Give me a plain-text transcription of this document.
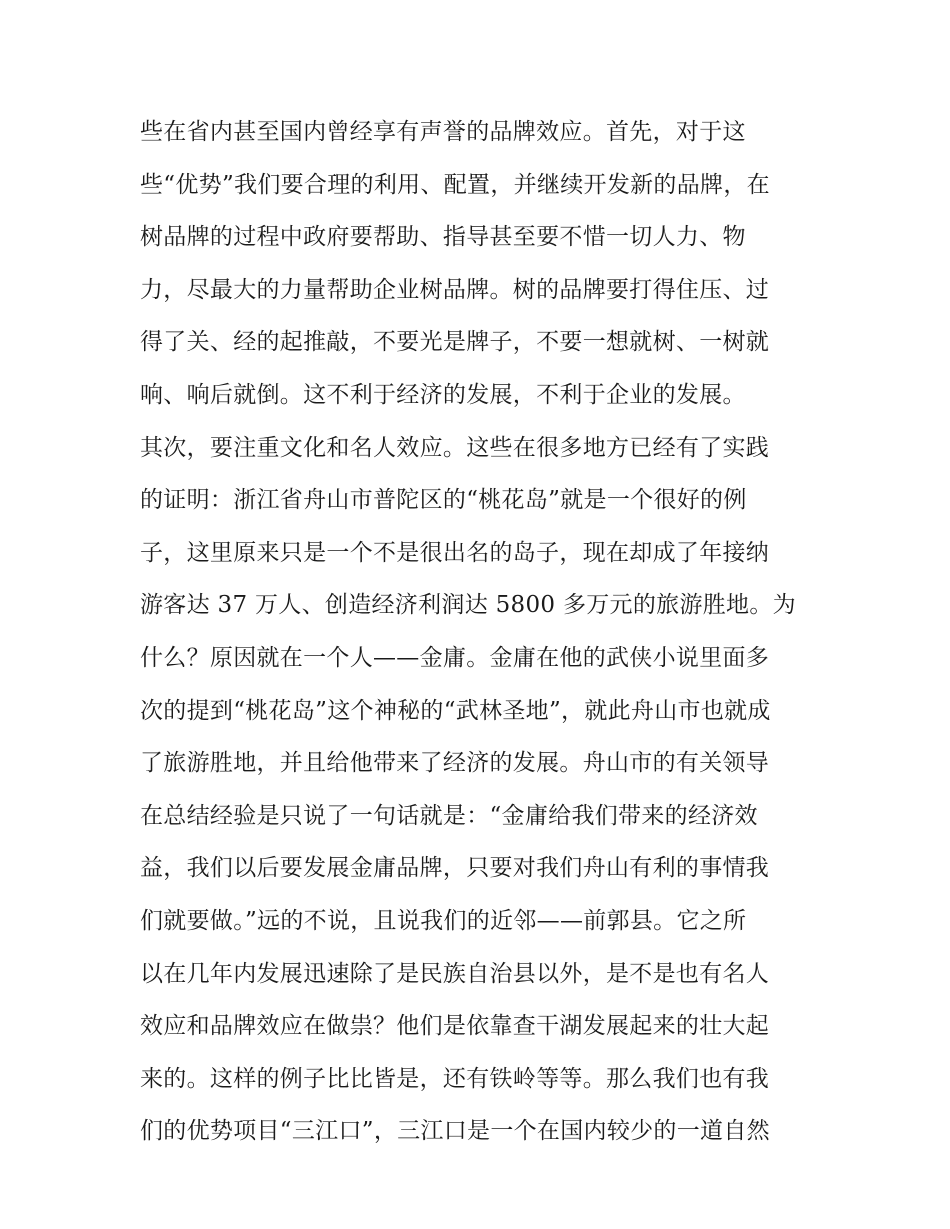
些在省内甚至国内曾经享有声誉的品牌效应。首先，对于这
些“优势”我们要合理的利用、配置，并继续开发新的品牌，在
树品牌的过程中政府要帮助、指导甚至要不惜一切人力、物
力，尽最大的力量帮助企业树品牌。树的品牌要打得住压、过
得了关、经的起推敲，不要光是牌子，不要一想就树、一树就
响、响后就倒。这不利于经济的发展，不利于企业的发展。
其次，要注重文化和名人效应。这些在很多地方已经有了实践
的证明：浙江省舟山市普陀区的“桃花岛”就是一个很好的例
子，这里原来只是一个不是很出名的岛子，现在却成了年接纳
游客达 37 万人、创造经济利润达 5800 多万元的旅游胜地。为
什么？原因就在一个人——金庸。金庸在他的武侠小说里面多
次的提到“桃花岛”这个神秘的“武林圣地”，就此舟山市也就成
了旅游胜地，并且给他带来了经济的发展。舟山市的有关领导
在总结经验是只说了一句话就是：“金庸给我们带来的经济效
益，我们以后要发展金庸品牌，只要对我们舟山有利的事情我
们就要做。”远的不说，且说我们的近邻——前郭县。它之所
以在几年内发展迅速除了是民族自治县以外，是不是也有名人
效应和品牌效应在做祟？他们是依靠查干湖发展起来的壮大起
来的。这样的例子比比皆是，还有铁岭等等。那么我们也有我
们的优势项目“三江口”，三江口是一个在国内较少的一道自然
